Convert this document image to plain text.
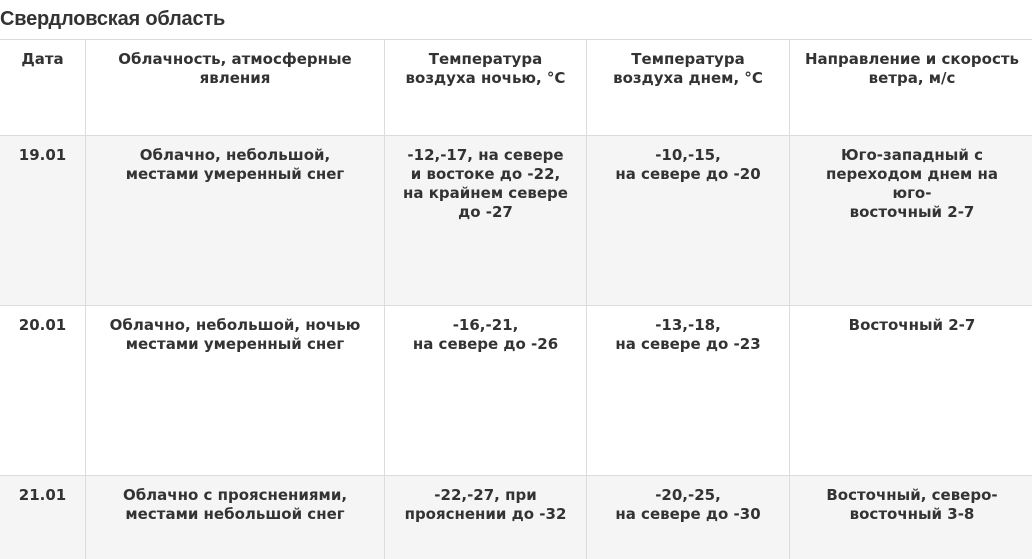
Свердловская область
Дата	Облачность, атмосферные явления	Температура воздуха ночью, °С	Температура воздуха днем, °С	Направление и скорость ветра, м/с

19.01	Облачно, небольшой,
местами умеренный снег	-12,-17, на севере
и востоке до -22,
на крайнем севере
до -27	-10,-15,
на севере до -20	Юго-западный с
переходом днем на юго-
восточный 2-7

20.01	Облачно, небольшой, ночью
местами умеренный снег	-16,-21,
на севере до -26	-13,-18,
на севере до -23	Восточный 2-7

21.01	Облачно с прояснениями,
местами небольшой снег	-22,-27, при
прояснении до -32	-20,-25,
на севере до -30	Восточный, северо-
восточный 3-8
